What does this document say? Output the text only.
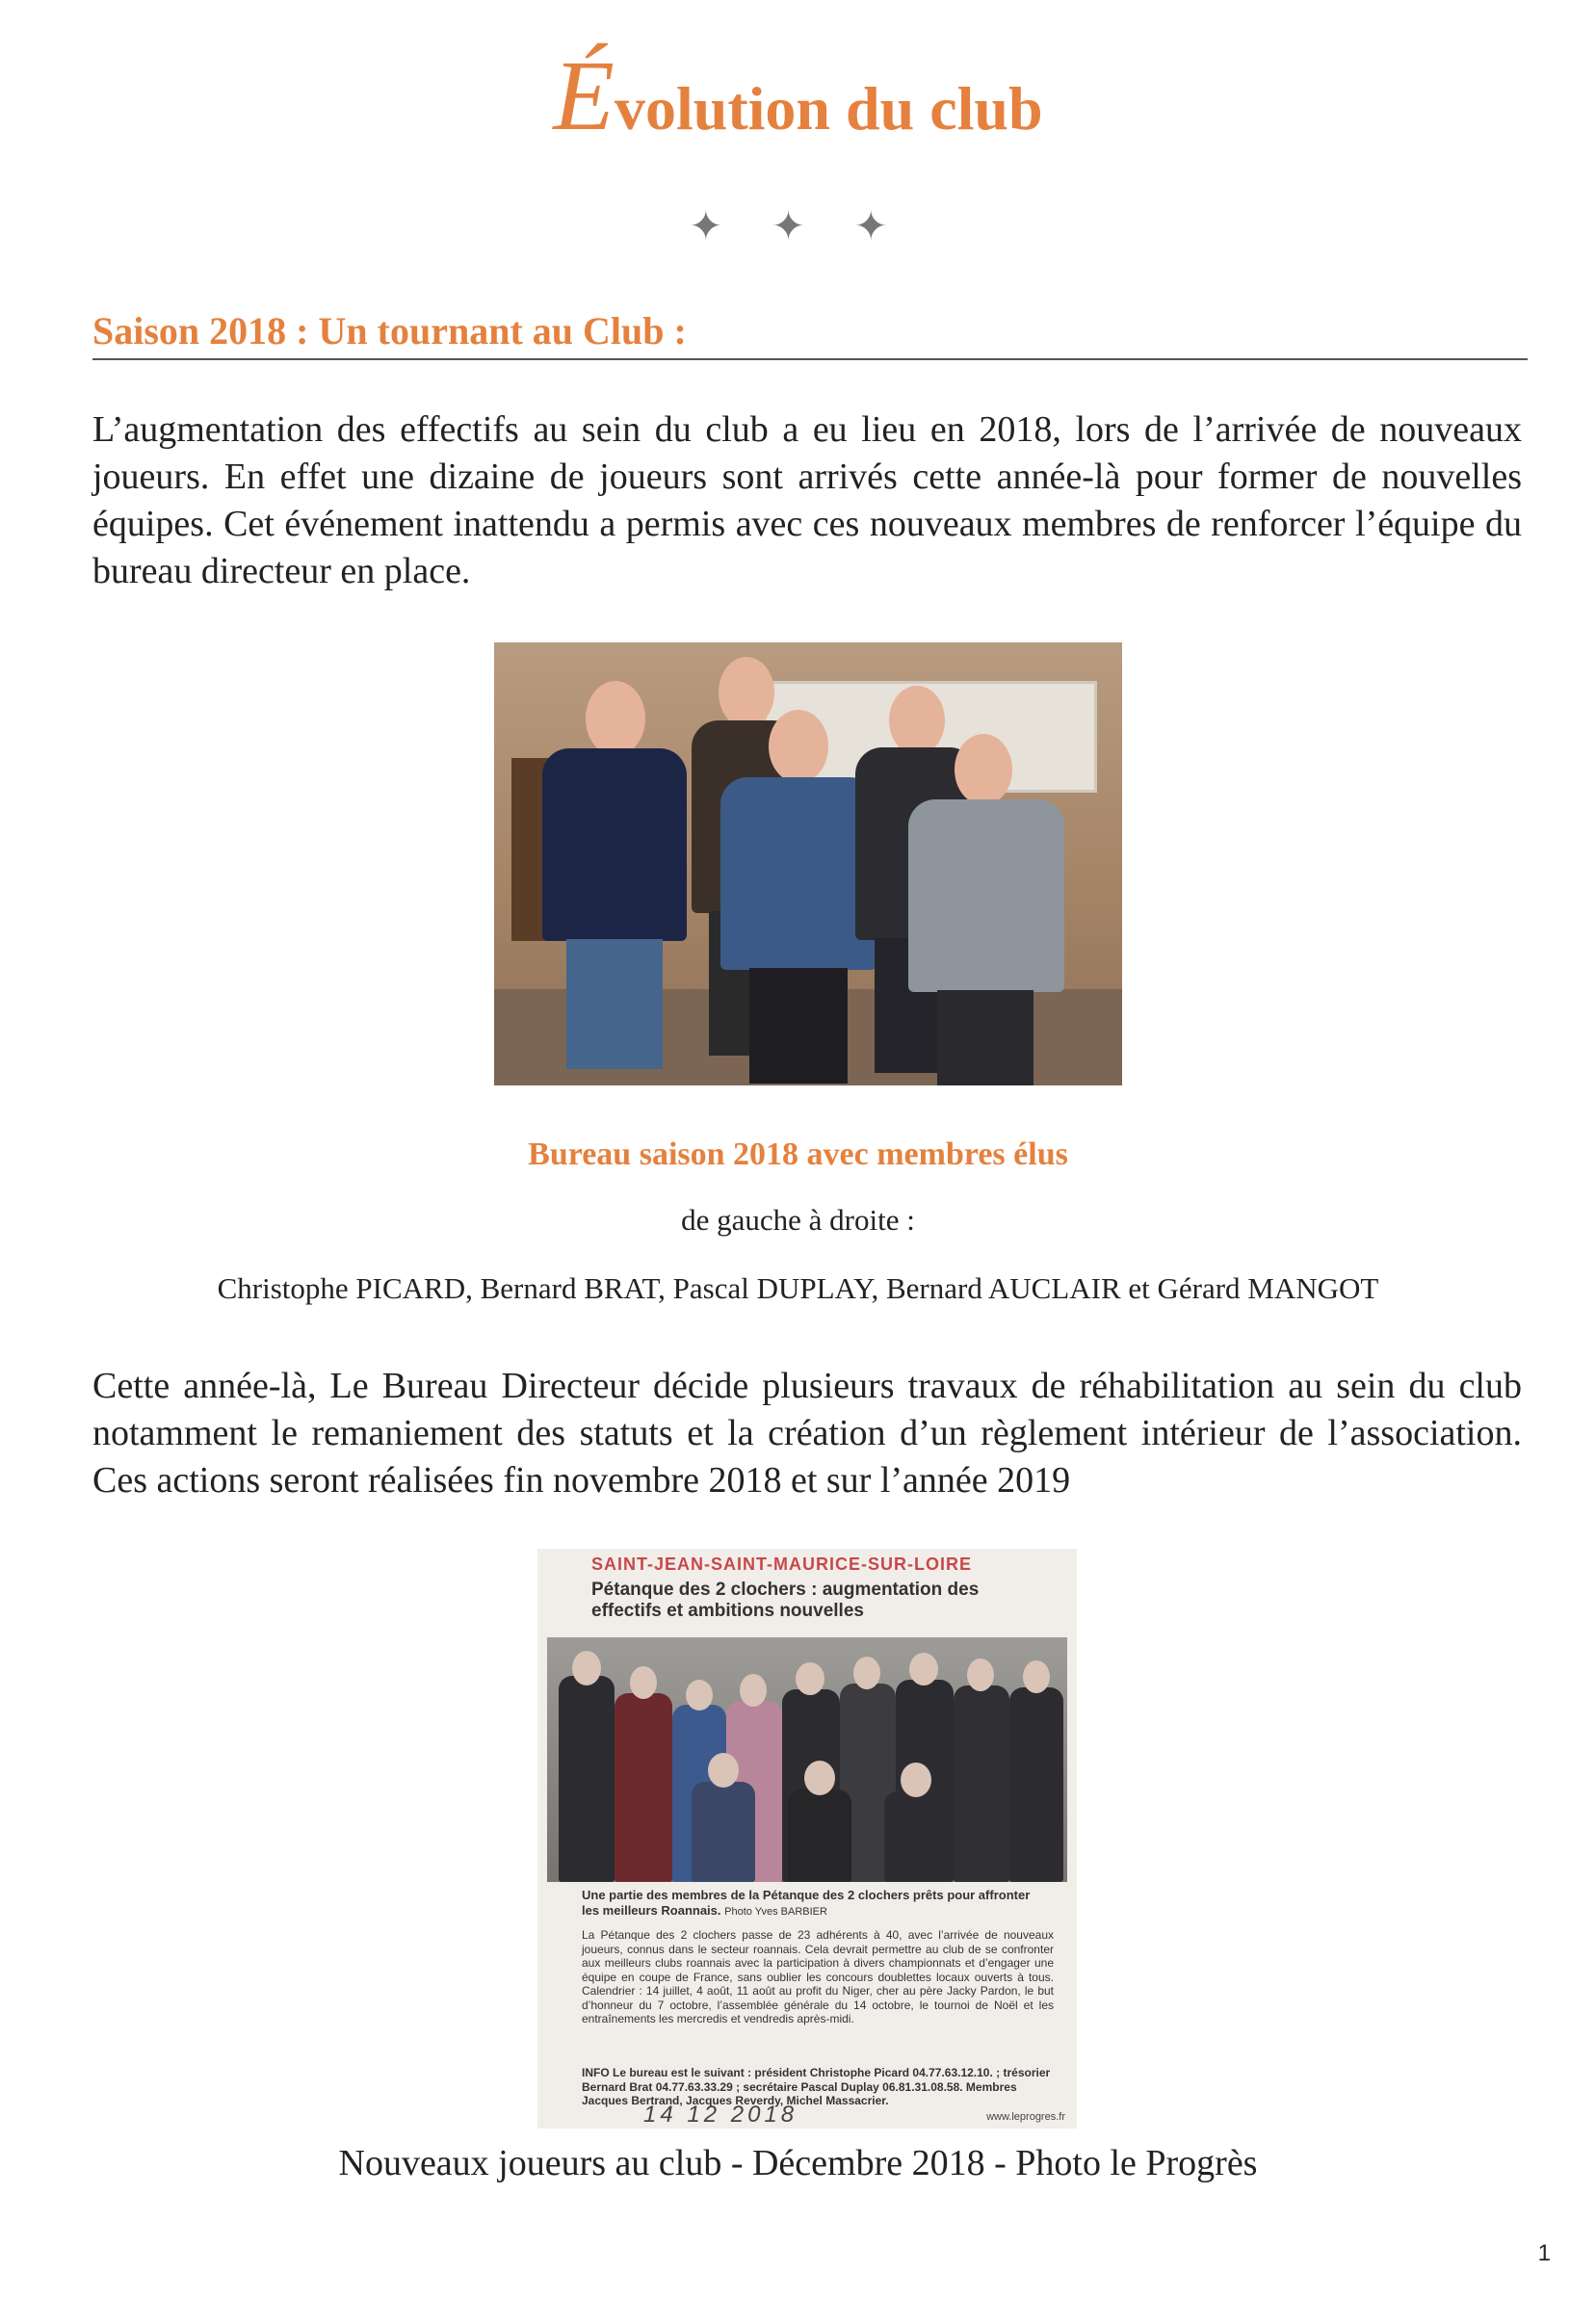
Évolution du club
✦ ✦ ✦
Saison 2018 : Un tournant au Club :
L’augmentation des effectifs au sein du club a eu lieu en 2018, lors de l’arrivée de nouveaux joueurs. En effet une dizaine de joueurs sont arrivés cette année-là pour former de nouvelles équipes. Cet événement inattendu a permis avec ces nouveaux membres de renforcer l’équipe du bureau directeur en place.
Bureau saison 2018 avec membres élus
de gauche à droite :
Christophe PICARD, Bernard BRAT, Pascal DUPLAY, Bernard AUCLAIR et Gérard MANGOT
Cette année-là, Le Bureau Directeur décide plusieurs travaux de réhabilitation au sein du club notamment le remaniement des statuts et la création d’un règlement intérieur de l’association. Ces actions seront réalisées fin novembre 2018 et sur l’année 2019
SAINT-JEAN-SAINT-MAURICE-SUR-LOIRE
Pétanque des 2 clochers : augmentation des effectifs et ambitions nouvelles
Une partie des membres de la Pétanque des 2 clochers prêts pour affronter les meilleurs Roannais. Photo Yves BARBIER
La Pétanque des 2 clochers passe de 23 adhérents à 40, avec l’arrivée de nouveaux joueurs, connus dans le secteur roannais. Cela devrait permettre au club de se confronter aux meilleurs clubs roannais avec la participation à divers championnats et d’engager une équipe en coupe de France, sans oublier les concours doublettes locaux ouverts à tous. Calendrier : 14 juillet, 4 août, 11 août au profit du Niger, cher au père Jacky Pardon, le but d’honneur du 7 octobre, l’assemblée générale du 14 octobre, le tournoi de Noël et les entraînements les mercredis et vendredis après-midi.
INFO Le bureau est le suivant : président Christophe Picard 04.77.63.12.10. ; trésorier Bernard Brat 04.77.63.33.29 ; secrétaire Pascal Duplay 06.81.31.08.58. Membres Jacques Bertrand, Jacques Reverdy, Michel Massacrier.
14 12 2018	www.leprogres.fr
Nouveaux joueurs au club - Décembre 2018 - Photo le Progrès
1
